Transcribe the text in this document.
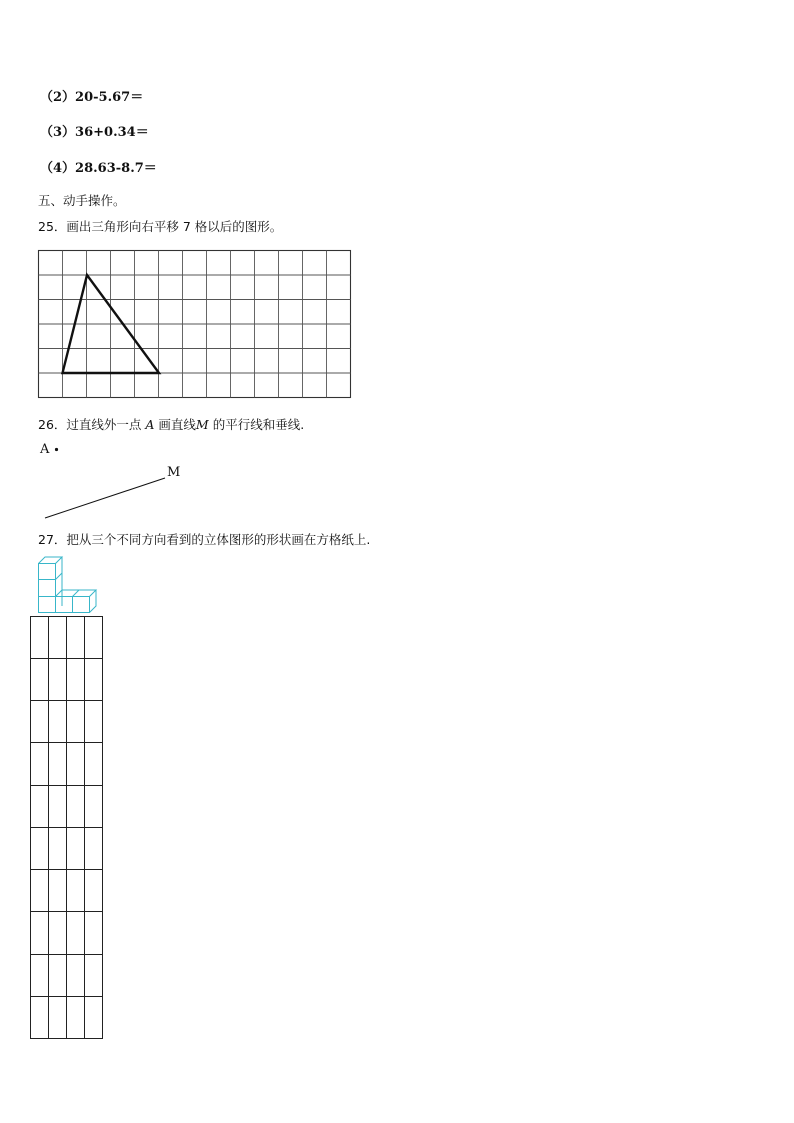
（2）20-5.67＝
（3）36+0.34＝
（4）28.63-8.7＝
五、动手操作。
25．画出三角形向右平移 7 格以后的图形。
26．过直线外一点 A 画直线M 的平行线和垂线.
A
M
27．把从三个不同方向看到的立体图形的形状画在方格纸上.
